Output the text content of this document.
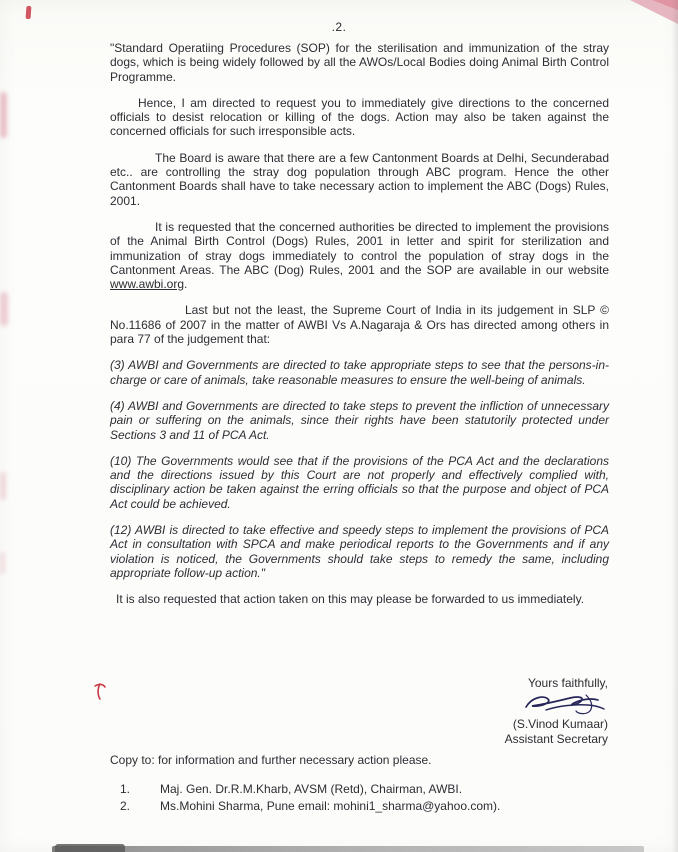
.2.

"Standard Operatiing Procedures (SOP) for the sterilisation and immunization of the stray dogs, which is being widely followed by all the AWOs/Local Bodies doing Animal Birth Control Programme.

Hence, I am directed to request you to immediately give directions to the concerned officials to desist relocation or killing of the dogs. Action may also be taken against the concerned officials for such irresponsible acts.

The Board is aware that there are a few Cantonment Boards at Delhi, Secunderabad etc.. are controlling the stray dog population through ABC program. Hence the other Cantonment Boards shall have to take necessary action to implement the ABC (Dogs) Rules, 2001.

It is requested that the concerned authorities be directed to implement the provisions of the Animal Birth Control (Dogs) Rules, 2001 in letter and spirit for sterilization and immunization of stray dogs immediately to control the population of stray dogs in the Cantonment Areas. The ABC (Dog) Rules, 2001 and the SOP are available in our website www.awbi.org.

Last but not the least, the Supreme Court of India in its judgement in SLP © No.11686 of 2007 in the matter of AWBI Vs A.Nagaraja & Ors has directed among others in para 77 of the judgement that:

(3) AWBI and Governments are directed to take appropriate steps to see that the persons-in-charge or care of animals, take reasonable measures to ensure the well-being of animals.

(4) AWBI and Governments are directed to take steps to prevent the infliction of unnecessary pain or suffering on the animals, since their rights have been statutorily protected under Sections 3 and 11 of PCA Act.

(10) The Governments would see that if the provisions of the PCA Act and the declarations and the directions issued by this Court are not properly and effectively complied with, disciplinary action be taken against the erring officials so that the purpose and object of PCA Act could be achieved.

(12) AWBI is directed to take effective and speedy steps to implement the provisions of PCA Act in consultation with SPCA and make periodical reports to the Governments and if any violation is noticed, the Governments should take steps to remedy the same, including appropriate follow-up action."

It is also requested that action taken on this may please be forwarded to us immediately.

Yours faithfully,
(S.Vinod Kumaar)
Assistant Secretary
Copy to: for information and further necessary action please.
1. Maj. Gen. Dr.R.M.Kharb, AVSM (Retd), Chairman, AWBI.
2. Ms.Mohini Sharma, Pune email: mohini1_sharma@yahoo.com).
